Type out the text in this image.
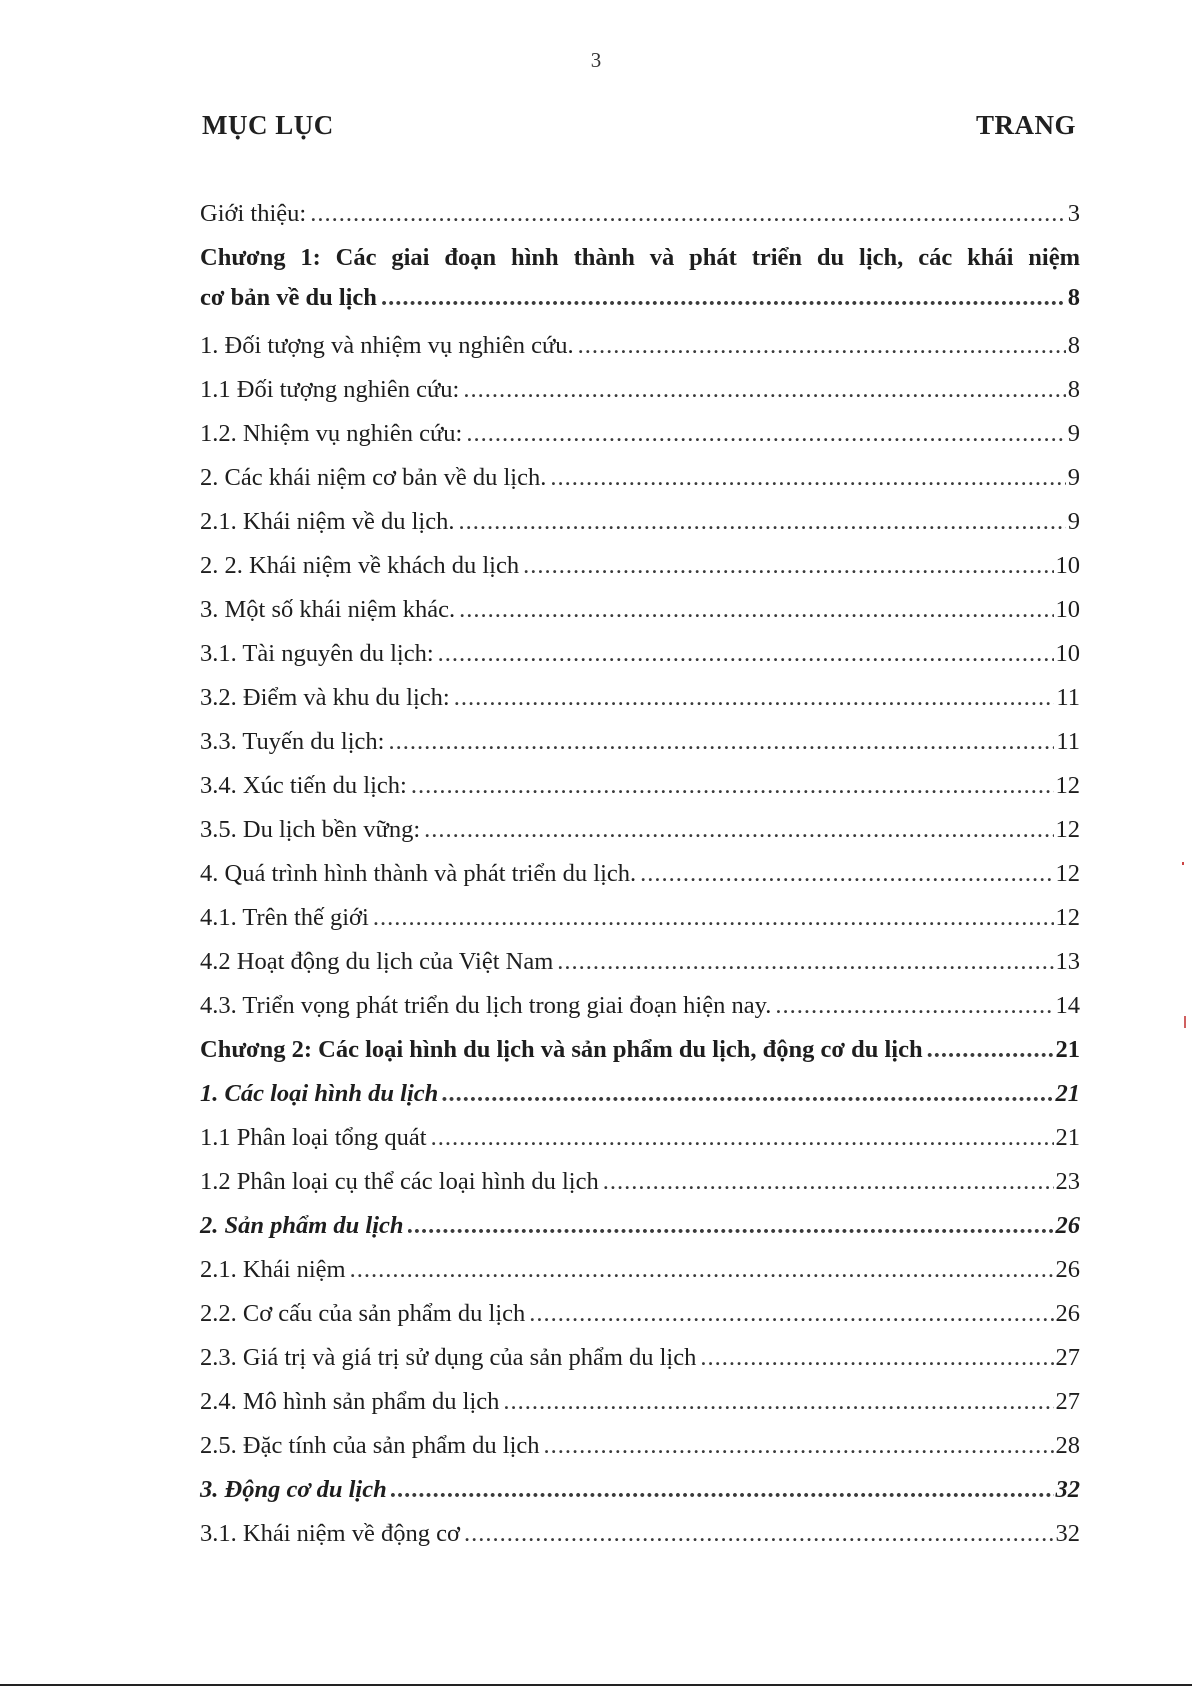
3
MỤC LỤC	TRANG
Giới thiệu: .....	3
Chương 1: Các giai đoạn hình thành và phát triển du lịch, các khái niệm
cơ bản về du lịch .....	8
1. Đối tượng và nhiệm vụ nghiên cứu. .....	8
1.1 Đối tượng nghiên cứu: .....	8
1.2. Nhiệm vụ nghiên cứu: .....	9
2. Các khái niệm cơ bản về du lịch. .....	9
2.1. Khái niệm về du lịch. .....	9
2. 2. Khái niệm về khách du lịch .....	10
3. Một số khái niệm khác. .....	10
3.1. Tài nguyên du lịch: .....	10
3.2. Điểm và khu du lịch: .....	11
3.3. Tuyến du lịch: .....	11
3.4. Xúc tiến du lịch: .....	12
3.5. Du lịch bền vững: .....	12
4. Quá trình hình thành và phát triển du lịch. .....	12
4.1. Trên thế giới .....	12
4.2 Hoạt động du lịch của Việt Nam .....	13
4.3. Triển vọng phát triển du lịch trong giai đoạn hiện nay. .....	14
Chương 2: Các loại hình du lịch và sản phẩm du lịch, động cơ du lịch .....	21
1. Các loại hình du lịch .....	21
1.1 Phân loại tổng quát .....	21
1.2 Phân loại cụ thể các loại hình du lịch .....	23
2. Sản phẩm du lịch .....	26
2.1. Khái niệm .....	26
2.2. Cơ cấu của sản phẩm du lịch .....	26
2.3. Giá trị và giá trị sử dụng của sản phẩm du lịch .....	27
2.4. Mô hình sản phẩm du lịch .....	27
2.5. Đặc tính của sản phẩm du lịch .....	28
3. Động cơ du lịch .....	32
3.1. Khái niệm về động cơ .....	32
